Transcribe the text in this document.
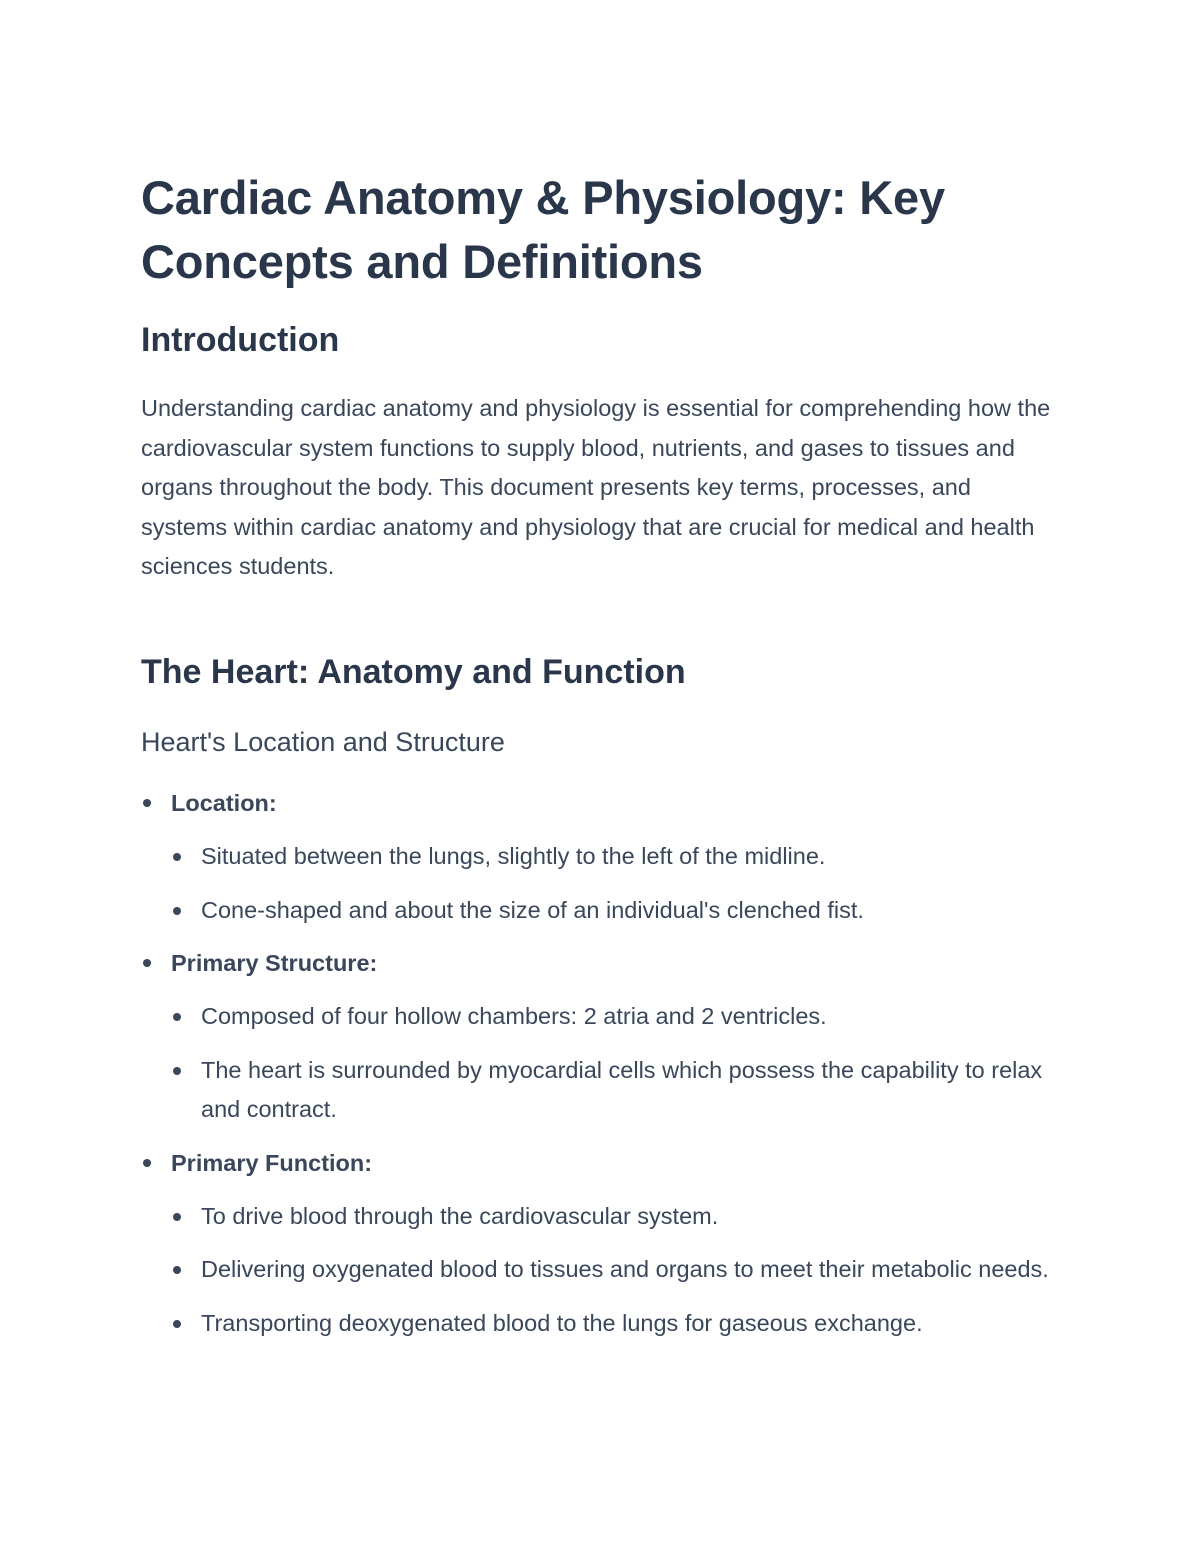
Cardiac Anatomy & Physiology: Key Concepts and Definitions
Introduction

Understanding cardiac anatomy and physiology is essential for comprehending how the cardiovascular system functions to supply blood, nutrients, and gases to tissues and organs throughout the body. This document presents key terms, processes, and systems within cardiac anatomy and physiology that are crucial for medical and health sciences students.

The Heart: Anatomy and Function
Heart's Location and Structure
Location:
Situated between the lungs, slightly to the left of the midline.
Cone-shaped and about the size of an individual's clenched fist.
Primary Structure:
Composed of four hollow chambers: 2 atria and 2 ventricles.
The heart is surrounded by myocardial cells which possess the capability to relax and contract.
Primary Function:
To drive blood through the cardiovascular system.
Delivering oxygenated blood to tissues and organs to meet their metabolic needs.
Transporting deoxygenated blood to the lungs for gaseous exchange.
